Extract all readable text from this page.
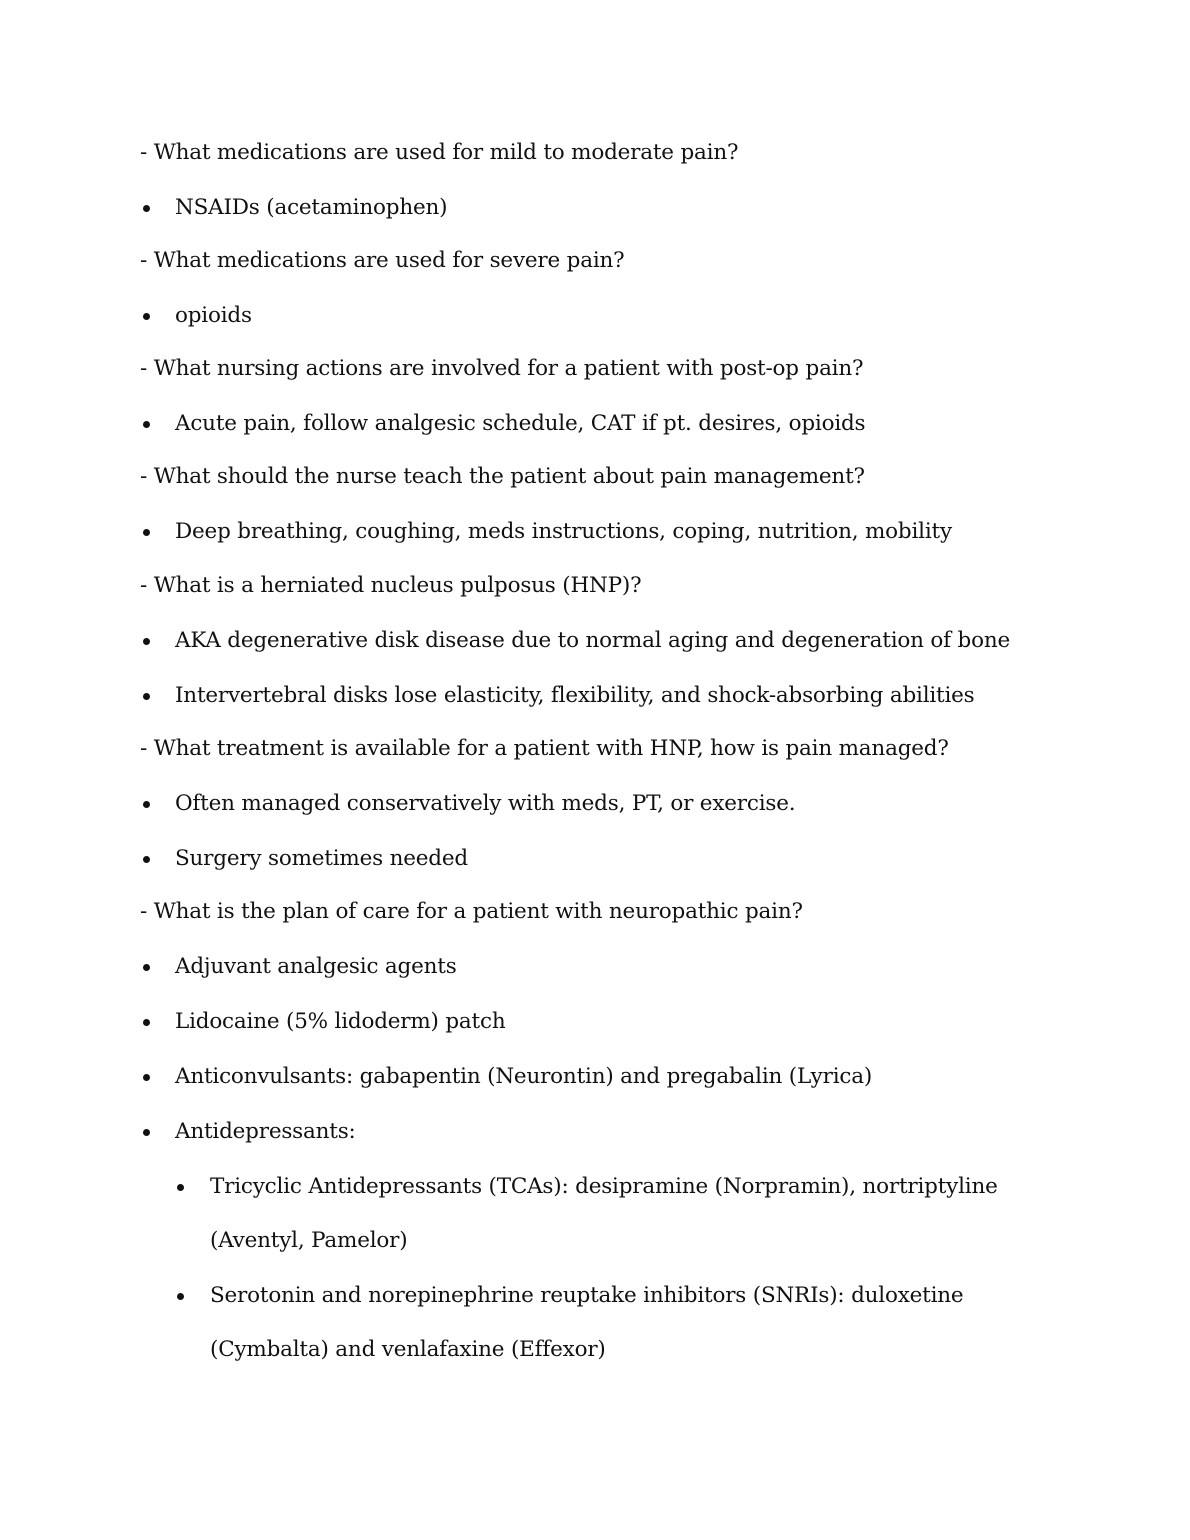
- What medications are used for mild to moderate pain?
NSAIDs (acetaminophen)
- What medications are used for severe pain?
opioids
- What nursing actions are involved for a patient with post-op pain?
Acute pain, follow analgesic schedule, CAT if pt. desires, opioids
- What should the nurse teach the patient about pain management?
Deep breathing, coughing, meds instructions, coping, nutrition, mobility
- What is a herniated nucleus pulposus (HNP)?
AKA degenerative disk disease due to normal aging and degeneration of bone
Intervertebral disks lose elasticity, flexibility, and shock-absorbing abilities
- What treatment is available for a patient with HNP, how is pain managed?
Often managed conservatively with meds, PT, or exercise.
Surgery sometimes needed
- What is the plan of care for a patient with neuropathic pain?
Adjuvant analgesic agents
Lidocaine (5% lidoderm) patch
Anticonvulsants: gabapentin (Neurontin) and pregabalin (Lyrica)
Antidepressants:
Tricyclic Antidepressants (TCAs): desipramine (Norpramin), nortriptyline
(Aventyl, Pamelor)
Serotonin and norepinephrine reuptake inhibitors (SNRIs): duloxetine
(Cymbalta) and venlafaxine (Effexor)
